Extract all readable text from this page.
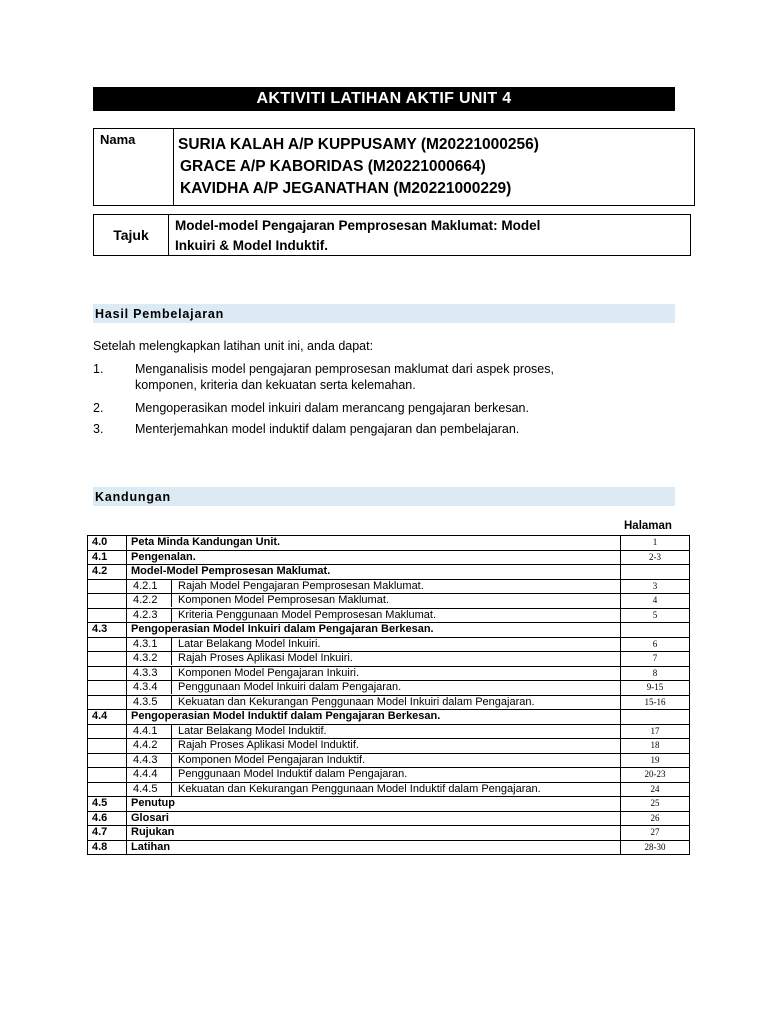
AKTIVITI LATIHAN AKTIF UNIT 4
Nama	SURIA KALAH A/P KUPPUSAMY (M20221000256)
GRACE A/P KABORIDAS (M20221000664)
KAVIDHA A/P JEGANATHAN (M20221000229)
Tajuk
Model-model Pengajaran Pemprosesan Maklumat: Model
Inkuiri & Model Induktif.
Hasil Pembelajaran
Setelah melengkapkan latihan unit ini, anda dapat:
1.	Menganalisis model pengajaran pemprosesan maklumat dari aspek proses,
komponen, kriteria dan kekuatan serta kelemahan.
2.	Mengoperasikan model inkuiri dalam merancang pengajaran berkesan.
3.	Menterjemahkan model induktif dalam pengajaran dan pembelajaran.
Kandungan
Halaman
4.0	Peta Minda Kandungan Unit.	1
4.1	Pengenalan.	2-3
4.2	Model-Model Pemprosesan Maklumat.	
	4.2.1 Rajah Model Pengajaran Pemprosesan Maklumat.	3
	4.2.2 Komponen Model Pemprosesan Maklumat.	4
	4.2.3 Kriteria Penggunaan Model Pemprosesan Maklumat.	5
4.3	Pengoperasian Model Inkuiri dalam Pengajaran Berkesan.	
	4.3.1 Latar Belakang Model Inkuiri.	6
	4.3.2 Rajah Proses Aplikasi Model Inkuiri.	7
	4.3.3 Komponen Model Pengajaran Inkuiri.	8
	4.3.4 Penggunaan Model Inkuiri dalam Pengajaran.	9-15
	4.3.5 Kekuatan dan Kekurangan Penggunaan Model Inkuiri dalam Pengajaran.	15-16
4.4	Pengoperasian Model Induktif dalam Pengajaran Berkesan.	
	4.4.1 Latar Belakang Model Induktif.	17
	4.4.2 Rajah Proses Aplikasi Model Induktif.	18
	4.4.3 Komponen Model Pengajaran Induktif.	19
	4.4.4 Penggunaan Model Induktif dalam Pengajaran.	20-23
	4.4.5 Kekuatan dan Kekurangan Penggunaan Model Induktif dalam Pengajaran.	24
4.5	Penutup	25
4.6	Glosari	26
4.7	Rujukan	27
4.8	Latihan	28-30
